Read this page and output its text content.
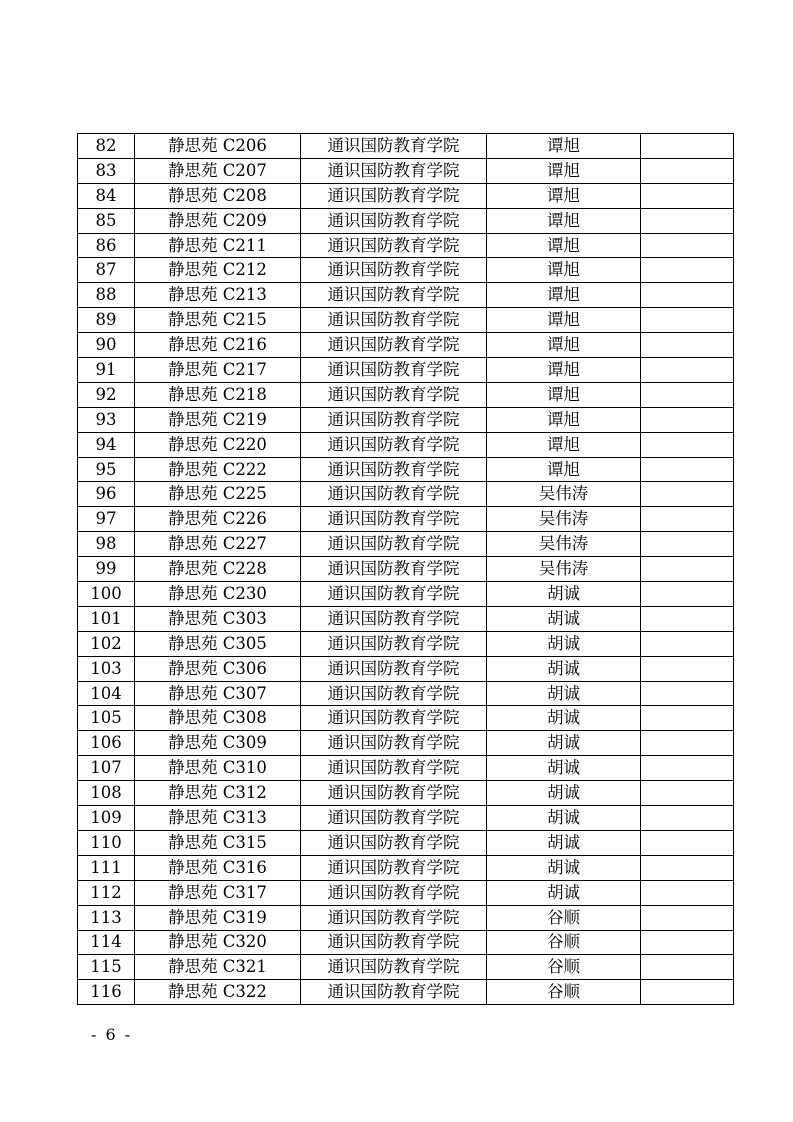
82	静思苑 C206	通识国防教育学院	谭旭	
83	静思苑 C207	通识国防教育学院	谭旭	
84	静思苑 C208	通识国防教育学院	谭旭	
85	静思苑 C209	通识国防教育学院	谭旭	
86	静思苑 C211	通识国防教育学院	谭旭	
87	静思苑 C212	通识国防教育学院	谭旭	
88	静思苑 C213	通识国防教育学院	谭旭	
89	静思苑 C215	通识国防教育学院	谭旭	
90	静思苑 C216	通识国防教育学院	谭旭	
91	静思苑 C217	通识国防教育学院	谭旭	
92	静思苑 C218	通识国防教育学院	谭旭	
93	静思苑 C219	通识国防教育学院	谭旭	
94	静思苑 C220	通识国防教育学院	谭旭	
95	静思苑 C222	通识国防教育学院	谭旭	
96	静思苑 C225	通识国防教育学院	吴伟涛	
97	静思苑 C226	通识国防教育学院	吴伟涛	
98	静思苑 C227	通识国防教育学院	吴伟涛	
99	静思苑 C228	通识国防教育学院	吴伟涛	
100	静思苑 C230	通识国防教育学院	胡诚	
101	静思苑 C303	通识国防教育学院	胡诚	
102	静思苑 C305	通识国防教育学院	胡诚	
103	静思苑 C306	通识国防教育学院	胡诚	
104	静思苑 C307	通识国防教育学院	胡诚	
105	静思苑 C308	通识国防教育学院	胡诚	
106	静思苑 C309	通识国防教育学院	胡诚	
107	静思苑 C310	通识国防教育学院	胡诚	
108	静思苑 C312	通识国防教育学院	胡诚	
109	静思苑 C313	通识国防教育学院	胡诚	
110	静思苑 C315	通识国防教育学院	胡诚	
111	静思苑 C316	通识国防教育学院	胡诚	
112	静思苑 C317	通识国防教育学院	胡诚	
113	静思苑 C319	通识国防教育学院	谷顺	
114	静思苑 C320	通识国防教育学院	谷顺	
115	静思苑 C321	通识国防教育学院	谷顺	
116	静思苑 C322	通识国防教育学院	谷顺	
- 6 -
